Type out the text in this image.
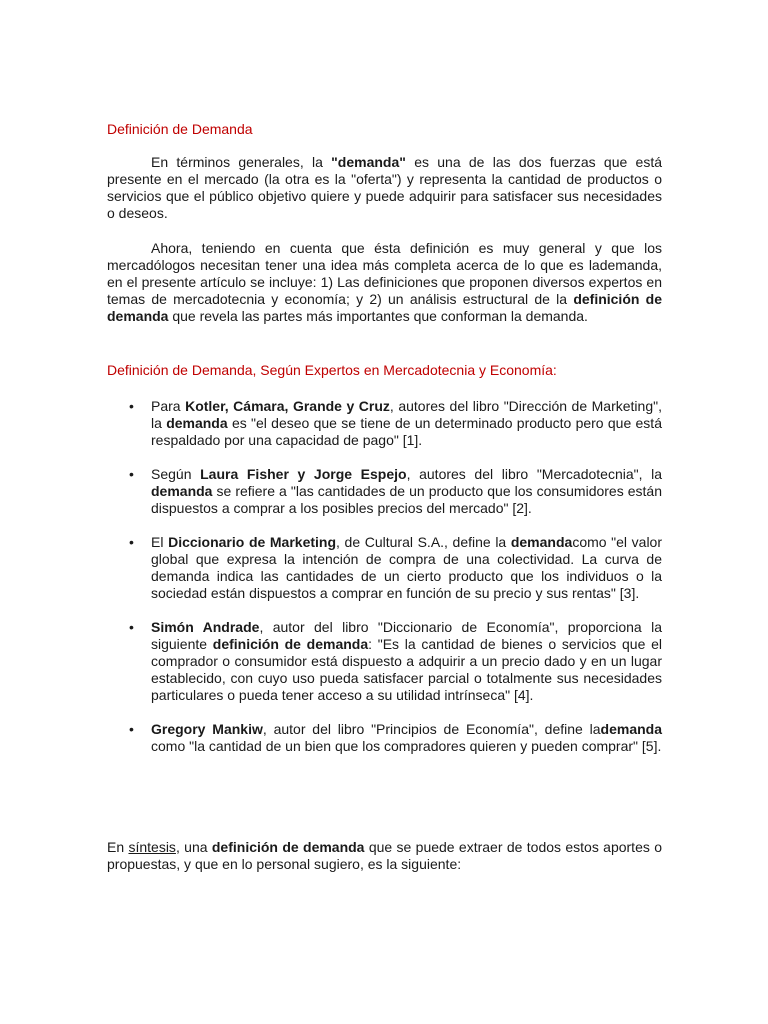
Definición de Demanda

En términos generales, la "demanda" es una de las dos fuerzas que está presente en el mercado (la otra es la "oferta") y representa la cantidad de productos o servicios que el público objetivo quiere y puede adquirir para satisfacer sus necesidades o deseos.

Ahora, teniendo en cuenta que ésta definición es muy general y que los mercadólogos necesitan tener una idea más completa acerca de lo que es lademanda, en el presente artículo se incluye: 1) Las definiciones que proponen diversos expertos en temas de mercadotecnia y economía; y 2) un análisis estructural de la definición de demanda que revela las partes más importantes que conforman la demanda.

Definición de Demanda, Según Expertos en Mercadotecnia y Economía:
• Para Kotler, Cámara, Grande y Cruz, autores del libro "Dirección de Marketing", la demanda es "el deseo que se tiene de un determinado producto pero que está respaldado por una capacidad de pago" [1].
• Según Laura Fisher y Jorge Espejo, autores del libro "Mercadotecnia", la demanda se refiere a "las cantidades de un producto que los consumidores están dispuestos a comprar a los posibles precios del mercado" [2].
• El Diccionario de Marketing, de Cultural S.A., define la demandacomo "el valor global que expresa la intención de compra de una colectividad. La curva de demanda indica las cantidades de un cierto producto que los individuos o la sociedad están dispuestos a comprar en función de su precio y sus rentas" [3].
• Simón Andrade, autor del libro "Diccionario de Economía", proporciona la siguiente definición de demanda: "Es la cantidad de bienes o servicios que el comprador o consumidor está dispuesto a adquirir a un precio dado y en un lugar establecido, con cuyo uso pueda satisfacer parcial o totalmente sus necesidades particulares o pueda tener acceso a su utilidad intrínseca" [4].
• Gregory Mankiw, autor del libro "Principios de Economía", define lademanda como "la cantidad de un bien que los compradores quieren y pueden comprar" [5].

En síntesis, una definición de demanda que se puede extraer de todos estos aportes o propuestas, y que en lo personal sugiero, es la siguiente:
